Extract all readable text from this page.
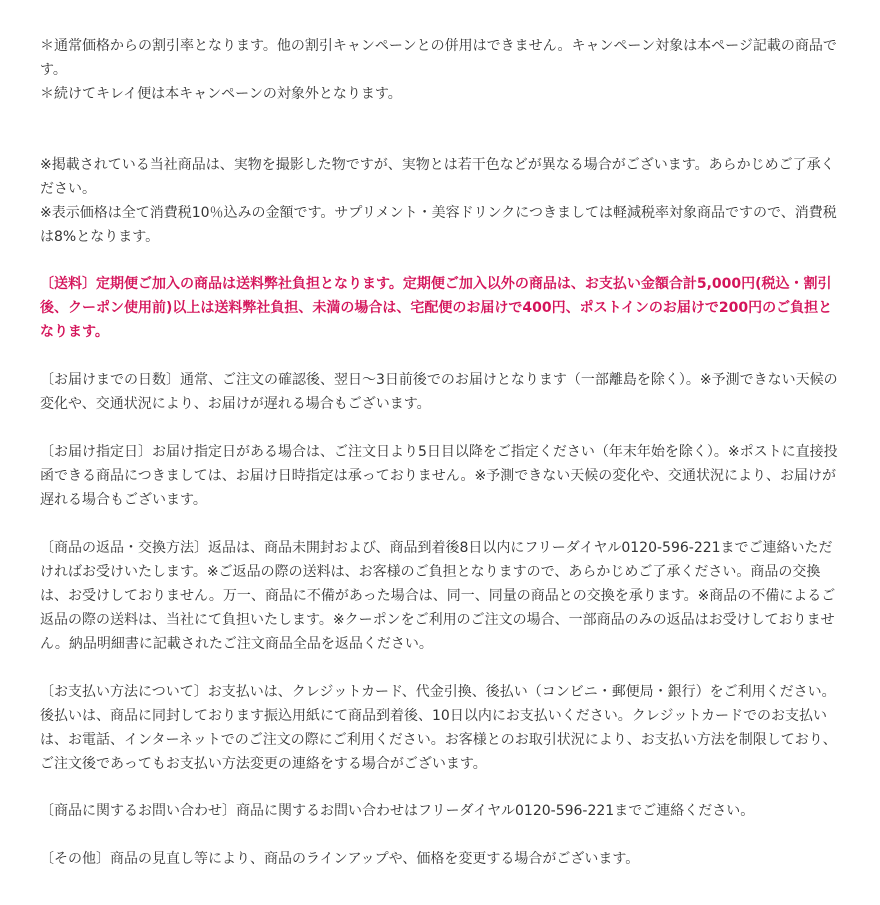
＊通常価格からの割引率となります。他の割引キャンペーンとの併用はできません。キャンペーン対象は本ページ記載の商品です。

＊続けてキレイ便は本キャンペーンの対象外となります。

※掲載されている当社商品は、実物を撮影した物ですが、実物とは若干色などが異なる場合がございます。あらかじめご了承ください。

※表示価格は全て消費税10％込みの金額です。サプリメント・美容ドリンクにつきましては軽減税率対象商品ですので、消費税は8%となります。

〔送料〕定期便ご加入の商品は送料弊社負担となります。定期便ご加入以外の商品は、お支払い金額合計5,000円(税込・割引後、クーポン使用前)以上は送料弊社負担、未満の場合は、宅配便のお届けで400円、ポストインのお届けで200円のご負担となります。

〔お届けまでの日数〕通常、ご注文の確認後、翌日〜3日前後でのお届けとなります（一部離島を除く）。※予測できない天候の変化や、交通状況により、お届けが遅れる場合もございます。

〔お届け指定日〕お届け指定日がある場合は、ご注文日より5日目以降をご指定ください（年末年始を除く）。※ポストに直接投函できる商品につきましては、お届け日時指定は承っておりません。※予測できない天候の変化や、交通状況により、お届けが遅れる場合もございます。

〔商品の返品・交換方法〕返品は、商品未開封および、商品到着後8日以内にフリーダイヤル0120-596-221までご連絡いただければお受けいたします。※ご返品の際の送料は、お客様のご負担となりますので、あらかじめご了承ください。商品の交換は、お受けしておりません。万一、商品に不備があった場合は、同一、同量の商品との交換を承ります。※商品の不備によるご返品の際の送料は、当社にて負担いたします。※クーポンをご利用のご注文の場合、一部商品のみの返品はお受けしておりません。納品明細書に記載されたご注文商品全品を返品ください。

〔お支払い方法について〕お支払いは、クレジットカード、代金引換、後払い（コンビニ・郵便局・銀行）をご利用ください。後払いは、商品に同封しております振込用紙にて商品到着後、10日以内にお支払いください。クレジットカードでのお支払いは、お電話、インターネットでのご注文の際にご利用ください。お客様とのお取引状況により、お支払い方法を制限しており、ご注文後であってもお支払い方法変更の連絡をする場合がございます。

〔商品に関するお問い合わせ〕商品に関するお問い合わせはフリーダイヤル0120-596-221までご連絡ください。

〔その他〕商品の見直し等により、商品のラインアップや、価格を変更する場合がございます。
